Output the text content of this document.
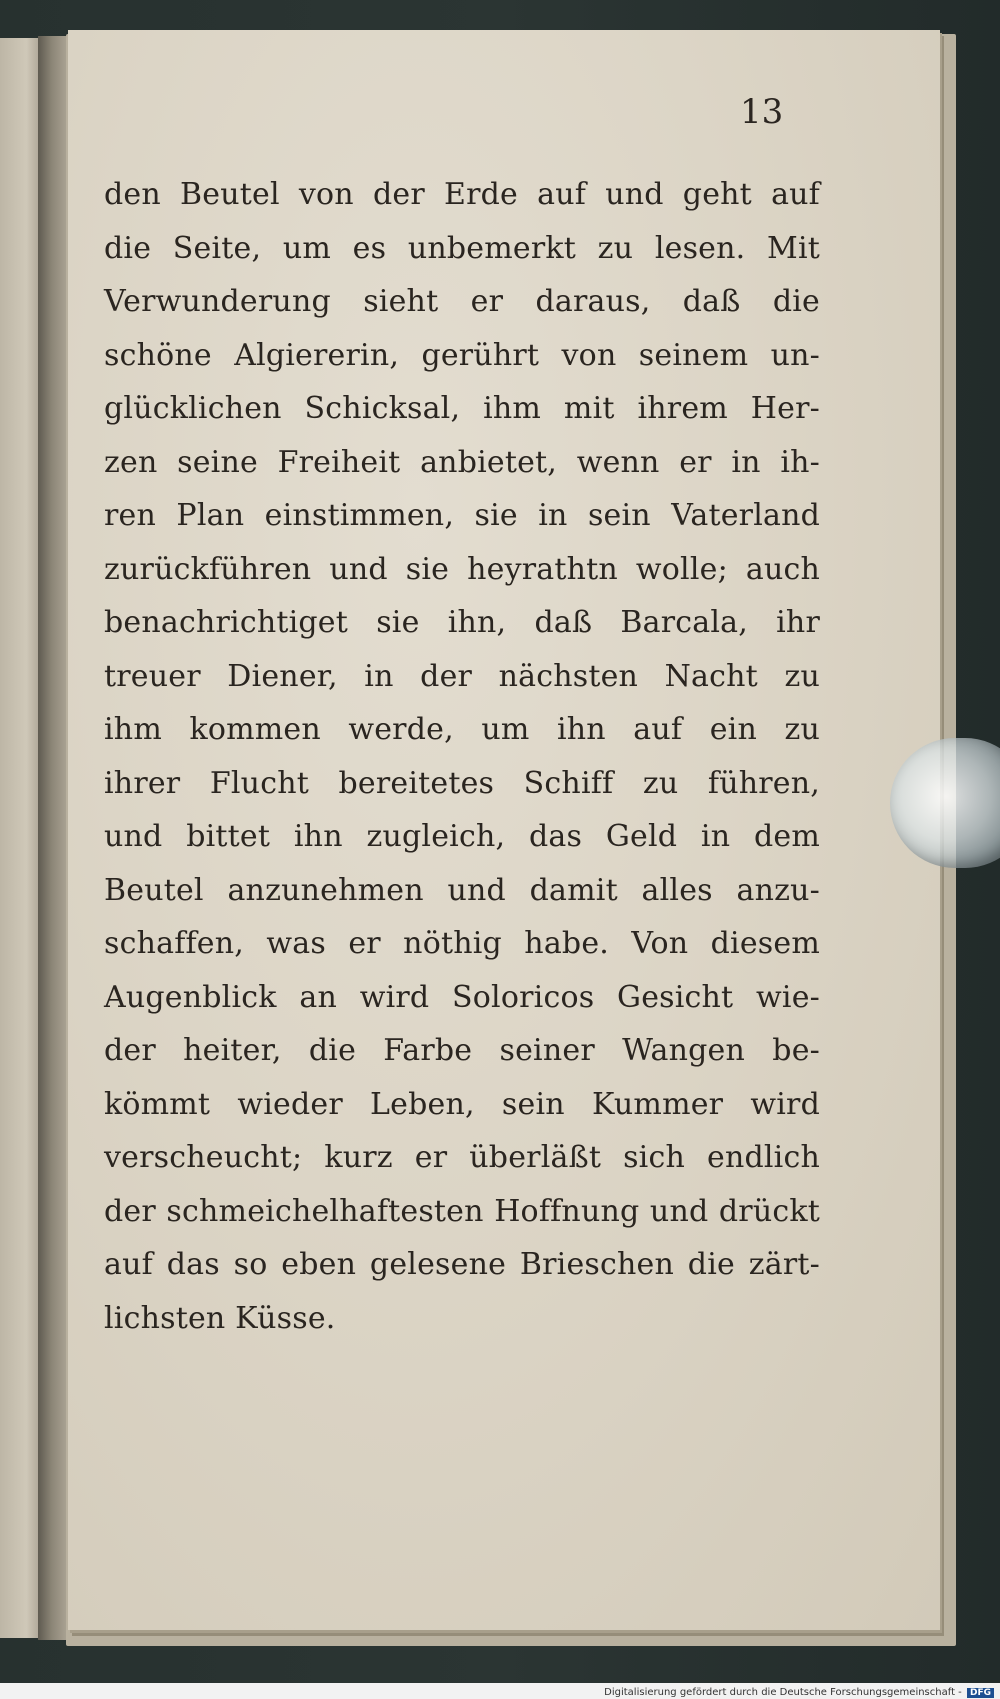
13
den Beutel von der Erde auf und geht auf
die Seite, um es unbemerkt zu lesen. Mit
Verwunderung sieht er daraus, daß die
schöne Algiererin, gerührt von seinem un-
glücklichen Schicksal, ihm mit ihrem Her-
zen seine Freiheit anbietet, wenn er in ih-
ren Plan einstimmen, sie in sein Vaterland
zurückführen und sie heyrathtn wolle; auch
benachrichtiget sie ihn, daß Barcala, ihr
treuer Diener, in der nächsten Nacht zu
ihm kommen werde, um ihn auf ein zu
ihrer Flucht bereitetes Schiff zu führen,
und bittet ihn zugleich, das Geld in dem
Beutel anzunehmen und damit alles anzu-
schaffen, was er nöthig habe. Von diesem
Augenblick an wird Soloricos Gesicht wie-
der heiter, die Farbe seiner Wangen be-
kömmt wieder Leben, sein Kummer wird
verscheucht; kurz er überläßt sich endlich
der schmeichelhaftesten Hoffnung und drückt
auf das so eben gelesene Brieschen die zärt-
lichsten Küsse.
Digitalisierung gefördert durch die Deutsche Forschungsgemeinschaft - DFG
